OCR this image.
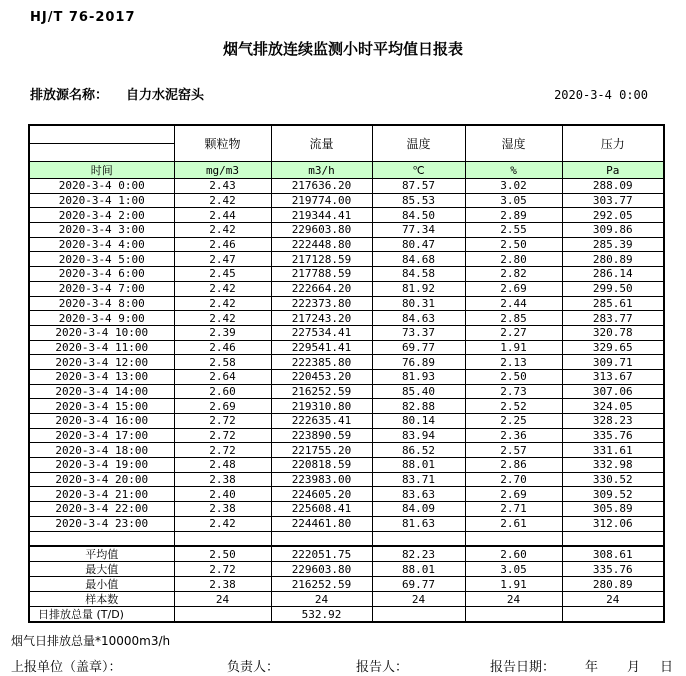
HJ/T 76-2017
烟气排放连续监测小时平均值日报表
排放源名称： 自力水泥窑头	2020-3-4 0:00
	颗粒物	流量	温度	湿度	压力

时间	mg/m3	m3/h	℃	%	Pa
2020-3-4 0:00	2.43	217636.20	87.57	3.02	288.09
2020-3-4 1:00	2.42	219774.00	85.53	3.05	303.77
2020-3-4 2:00	2.44	219344.41	84.50	2.89	292.05
2020-3-4 3:00	2.42	229603.80	77.34	2.55	309.86
2020-3-4 4:00	2.46	222448.80	80.47	2.50	285.39
2020-3-4 5:00	2.47	217128.59	84.68	2.80	280.89
2020-3-4 6:00	2.45	217788.59	84.58	2.82	286.14
2020-3-4 7:00	2.42	222664.20	81.92	2.69	299.50
2020-3-4 8:00	2.42	222373.80	80.31	2.44	285.61
2020-3-4 9:00	2.42	217243.20	84.63	2.85	283.77
2020-3-4 10:00	2.39	227534.41	73.37	2.27	320.78
2020-3-4 11:00	2.46	229541.41	69.77	1.91	329.65
2020-3-4 12:00	2.58	222385.80	76.89	2.13	309.71
2020-3-4 13:00	2.64	220453.20	81.93	2.50	313.67
2020-3-4 14:00	2.60	216252.59	85.40	2.73	307.06
2020-3-4 15:00	2.69	219310.80	82.88	2.52	324.05
2020-3-4 16:00	2.72	222635.41	80.14	2.25	328.23
2020-3-4 17:00	2.72	223890.59	83.94	2.36	335.76
2020-3-4 18:00	2.72	221755.20	86.52	2.57	331.61
2020-3-4 19:00	2.48	220818.59	88.01	2.86	332.98
2020-3-4 20:00	2.38	223983.00	83.71	2.70	330.52
2020-3-4 21:00	2.40	224605.20	83.63	2.69	309.52
2020-3-4 22:00	2.38	225608.41	84.09	2.71	305.89
2020-3-4 23:00	2.42	224461.80	81.63	2.61	312.06

平均值	2.50	222051.75	82.23	2.60	308.61
最大值	2.72	229603.80	88.01	3.05	335.76
最小值	2.38	216252.59	69.77	1.91	280.89
样本数	24	24	24	24	24
日排放总量 (T/D)		532.92			
烟气日排放总量*10000m3/h
上报单位（盖章）：	负责人：	报告人：	报告日期： 年 月 日
